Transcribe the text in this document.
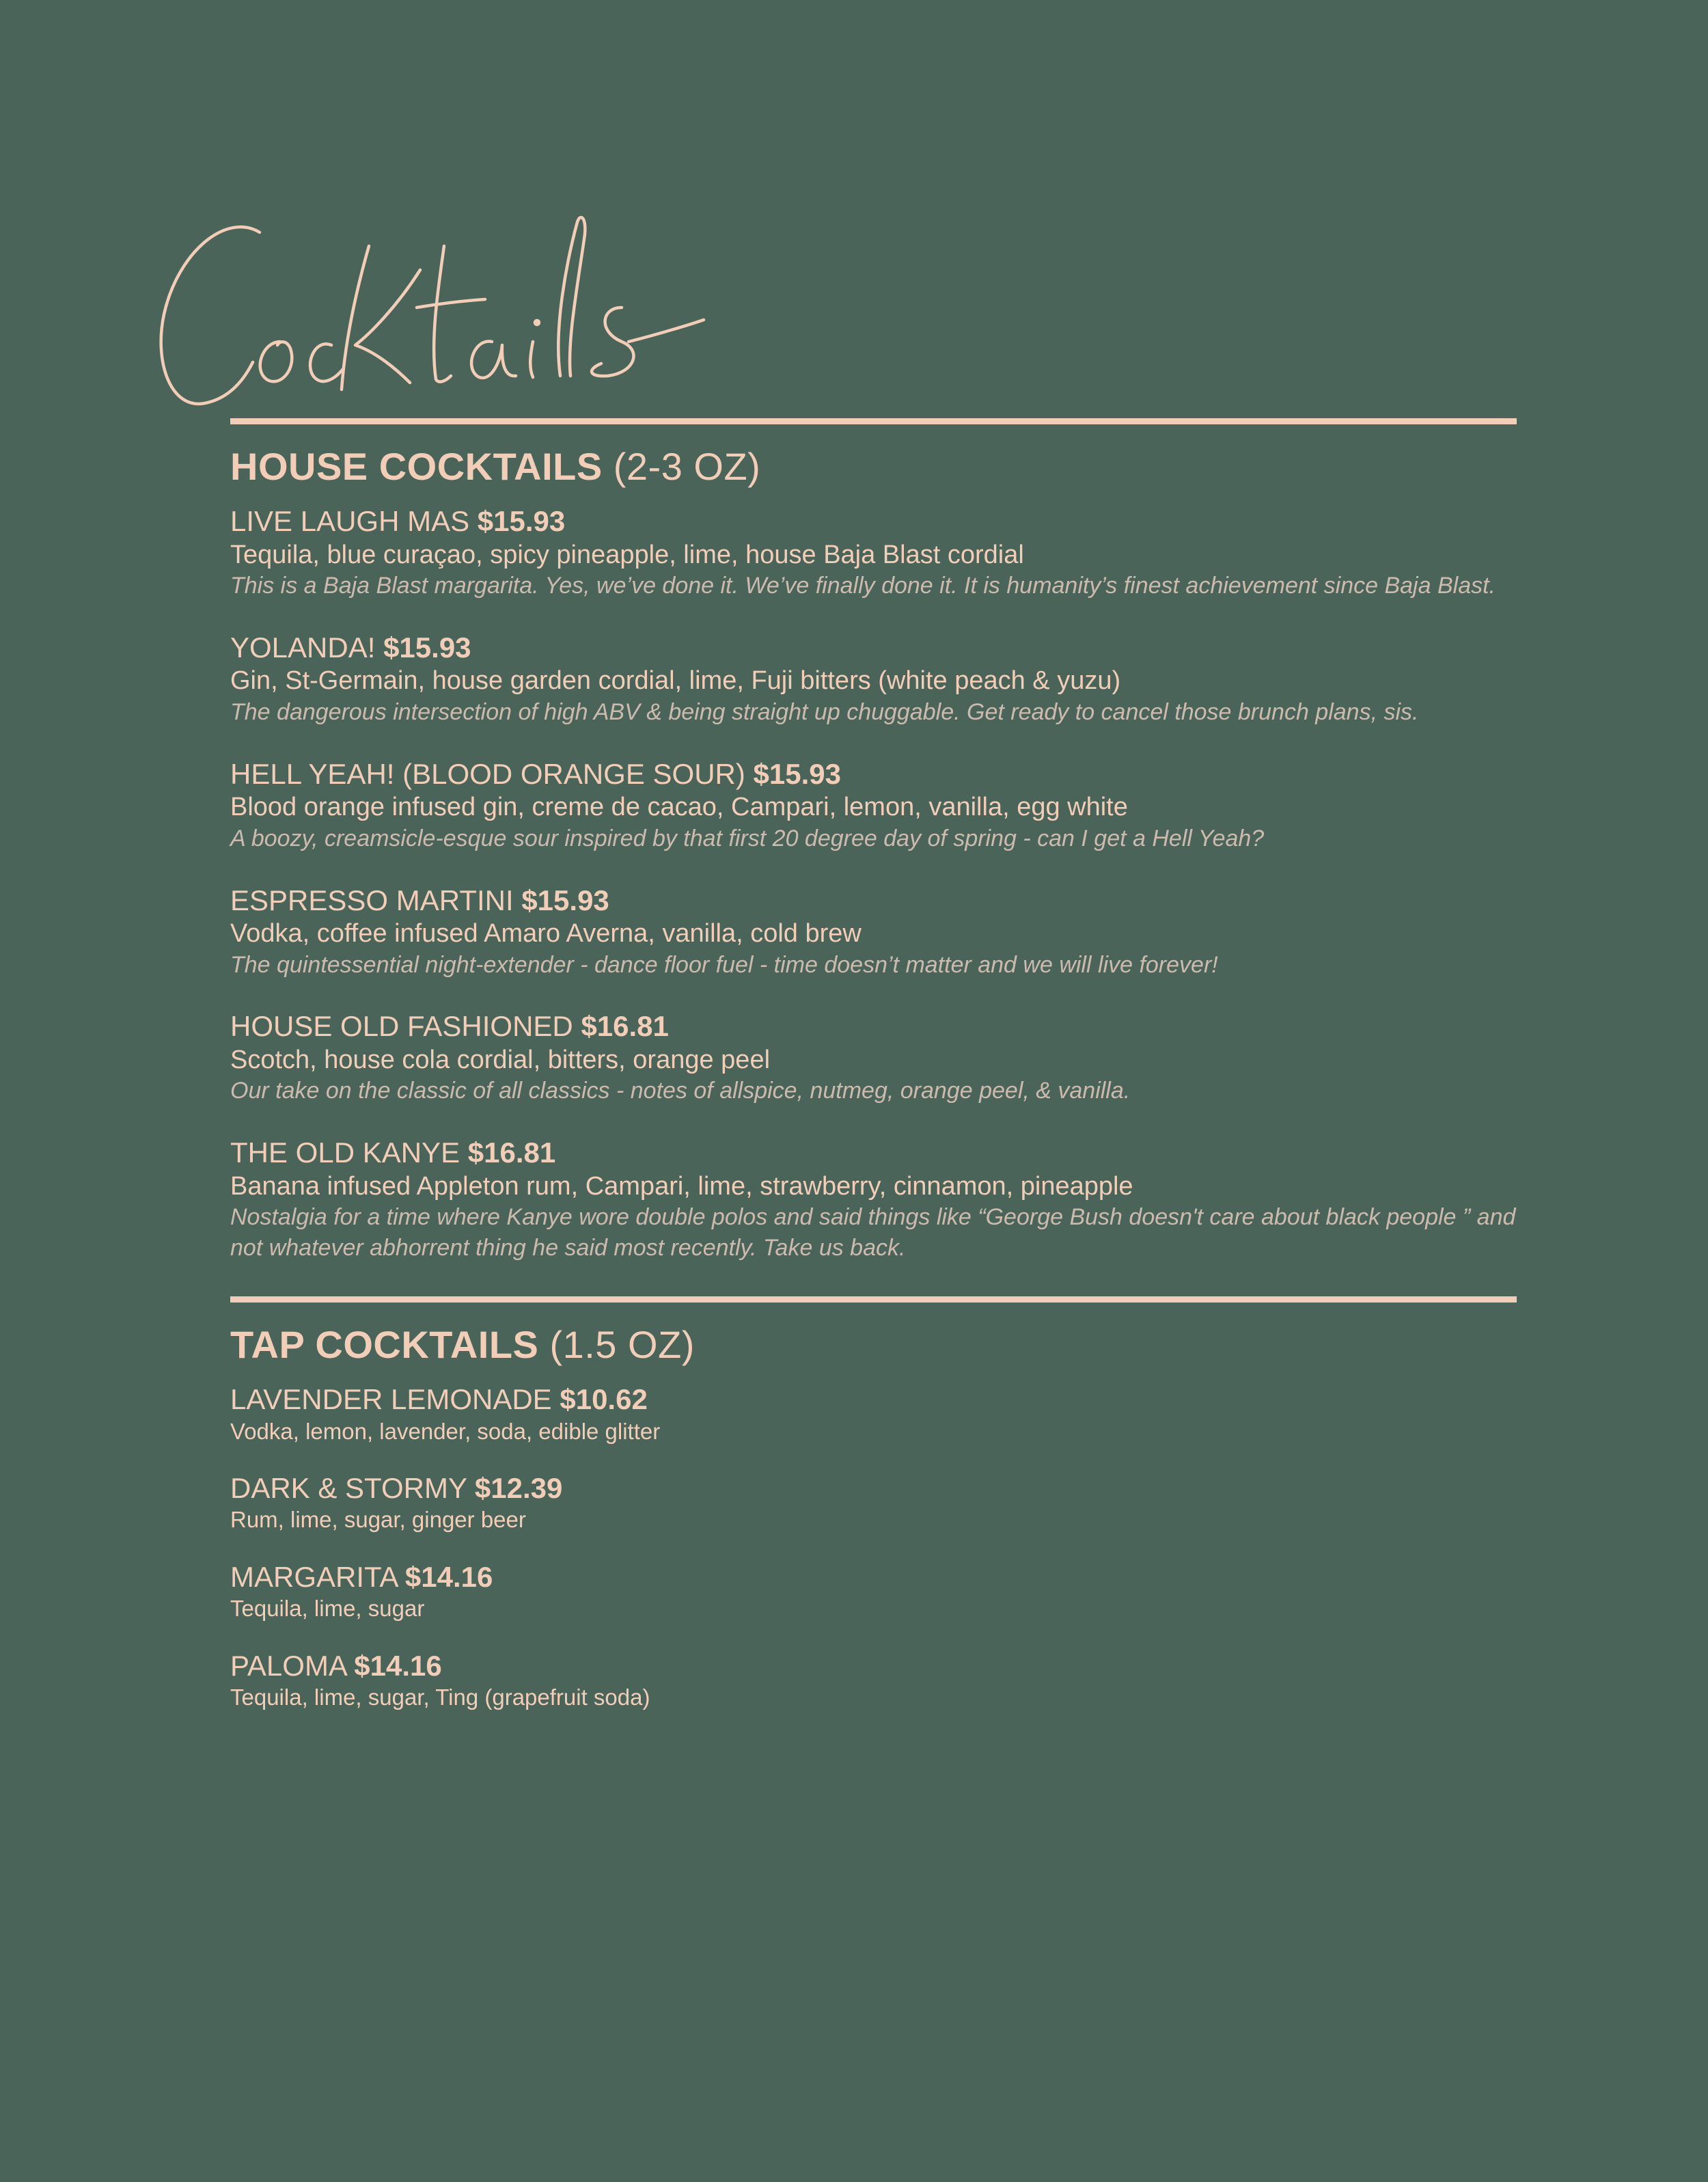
HOUSE COCKTAILS (2-3 OZ)
LIVE LAUGH MAS $15.93
Tequila, blue curaçao, spicy pineapple, lime, house Baja Blast cordial
This is a Baja Blast margarita. Yes, we’ve done it. We’ve finally done it. It is humanity’s finest achievement since Baja Blast.
YOLANDA! $15.93
Gin, St-Germain, house garden cordial, lime, Fuji bitters (white peach & yuzu)
The dangerous intersection of high ABV & being straight up chuggable. Get ready to cancel those brunch plans, sis.
HELL YEAH! (BLOOD ORANGE SOUR) $15.93
Blood orange infused gin, creme de cacao, Campari, lemon, vanilla, egg white
A boozy, creamsicle-esque sour inspired by that first 20 degree day of spring - can I get a Hell Yeah?
ESPRESSO MARTINI $15.93
Vodka, coffee infused Amaro Averna, vanilla, cold brew
The quintessential night-extender - dance floor fuel - time doesn’t matter and we will live forever!
HOUSE OLD FASHIONED $16.81
Scotch, house cola cordial, bitters, orange peel
Our take on the classic of all classics - notes of allspice, nutmeg, orange peel, & vanilla.
THE OLD KANYE $16.81
Banana infused Appleton rum, Campari, lime, strawberry, cinnamon, pineapple
Nostalgia for a time where Kanye wore double polos and said things like “George Bush doesn't care about black people ” and not whatever abhorrent thing he said most recently. Take us back.
TAP COCKTAILS (1.5 OZ)
LAVENDER LEMONADE $10.62
Vodka, lemon, lavender, soda, edible glitter
DARK & STORMY $12.39
Rum, lime, sugar, ginger beer
MARGARITA $14.16
Tequila, lime, sugar
PALOMA $14.16
Tequila, lime, sugar, Ting (grapefruit soda)
